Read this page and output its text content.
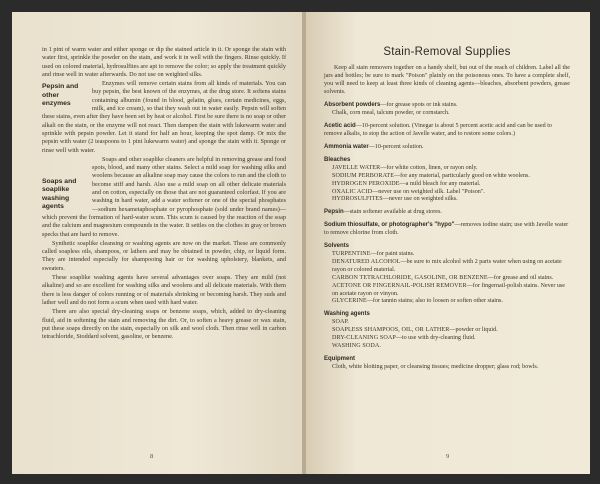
in 1 pint of warm water and either sponge or dip the stained article in it. Or sponge the stain with water first, sprinkle the powder on the stain, and work it in well with the fingers. Rinse quickly. If used on colored material, hydrosulfites are apt to remove the color; so apply the treatment quickly and rinse well in water afterwards. Do not use on weighted silks.

Pepsin and other enzymes

Enzymes will remove certain stains from all kinds of materials. You can buy pepsin, the best known of the enzymes, at the drug store. It softens stains containing albumin (found in blood, gelatin, glues, certain medicines, eggs, milk, and ice cream), so that they wash out in water easily. Pepsin will soften these stains, even after they have been set by heat or alcohol. First be sure there is no soap or other alkali on the stain, or the enzyme will not react. Then dampen the stain with lukewarm water and sprinkle with pepsin powder. Let it stand for half an hour, keeping the spot damp. Or mix the pepsin with water (2 teaspoons to 1 pint lukewarm water) and sponge the stain with it. Sponge or rinse well with water.

Soaps and soaplike washing agents

Soaps and other soaplike cleaners are helpful in removing grease and food spots, blood, and many other stains. Select a mild soap for washing silks and woolens because an alkaline soap may cause the colors to run and the cloth to become stiff and harsh. Also use a mild soap on all other delicate materials and on cotton, especially on those that are not guaranteed colorfast. If you are washing in hard water, add a water softener or one of the special phosphates—sodium hexametaphosphate or pyrophosphate (sold under brand names)—which prevent the formation of hard-water scum. This scum is caused by the reaction of the soap and the calcium and magnesium compounds in the water. It settles on the clothes in gray or brown specks that are hard to remove.

Synthetic soaplike cleansing or washing agents are now on the market. These are commonly called soapless oils, shampoos, or lathers and may be obtained in powder, chip, or liquid form. They are intended especially for shampooing hair or for washing upholstery, blankets, and sweaters.

These soaplike washing agents have several advantages over soaps. They are mild (not alkaline) and so are excellent for washing silks and woolens and all delicate materials. With them there is less danger of colors running or of materials shrinking or becoming harsh. They suds and lather well and do not form a scum when used with hard water.

There are also special dry-cleaning soaps or benzene soaps, which, added to dry-cleaning fluid, aid in softening the stain and removing the dirt. Or, to soften a heavy grease or wax stain, put these soaps directly on the stain, especially on silk and wool cloth. Then rinse well in carbon tetrachloride, Stoddard solvent, gasoline, or benzene.

8
Stain-Removal Supplies

Keep all stain removers together on a handy shelf, but out of the reach of children. Label all the jars and bottles; be sure to mark "Poison" plainly on the poisonous ones. To have a complete shelf, you will need to keep at least three kinds of cleaning agents—bleaches, absorbent powders, grease solvents.

Absorbent powders—for grease spots or ink stains.
Chalk, corn meal, talcum powder, or cornstarch.
Acetic acid—10-percent solution. (Vinegar is about 5 percent acetic acid and can be used to remove alkalis, to stop the action of Javelle water, and to restore some colors.)
Ammonia water—10-percent solution.
Bleaches
JAVELLE WATER—for white cotton, linen, or rayon only.
SODIUM PERBORATE—for any material, particularly good on white woolens.
HYDROGEN PEROXIDE—a mild bleach for any material.
OXALIC ACID—never use on weighted silk. Label "Poison".
HYDROSULFITES—never use on weighted silks.
Pepsin—stain softener available at drug stores.
Sodium thiosulfate, or photographer's "hypo"—removes iodine stain; use with Javelle water to remove chlorine from cloth.
Solvents
TURPENTINE—for paint stains.
DENATURED ALCOHOL—be sure to mix alcohol with 2 parts water when using on acetate rayon or colored material.
CARBON TETRACHLORIDE, GASOLINE, OR BENZENE—for grease and oil stains.
ACETONE OR FINGERNAIL-POLISH REMOVER—for fingernail-polish stains. Never use on acetate rayon or vinyon.
GLYCERINE—for tannin stains; also to loosen or soften other stains.
Washing agents
SOAP.
SOAPLESS SHAMPOOS, OIL, OR LATHER—powder or liquid.
DRY-CLEANING SOAP—to use with dry-cleaning fluid.
WASHING SODA.
Equipment
Cloth, white blotting paper, or cleansing tissues; medicine dropper; glass rod; bowls.
9
